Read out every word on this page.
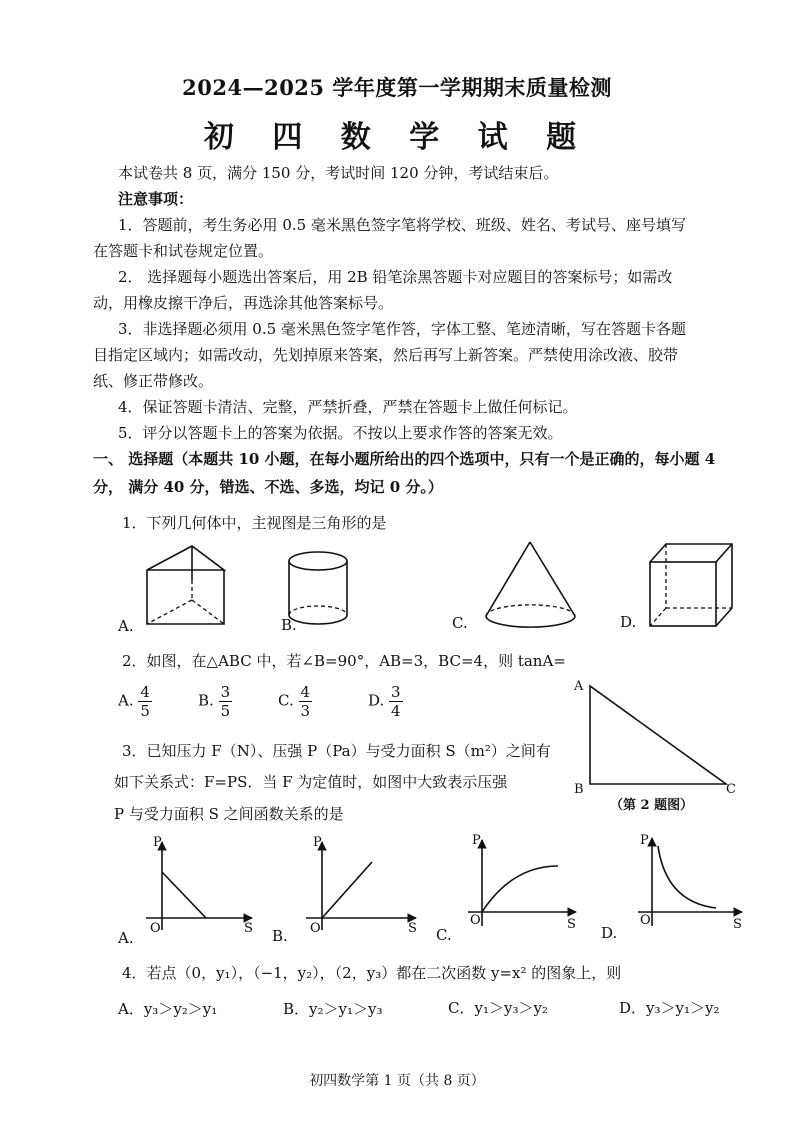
2024—2025 学年度第一学期期末质量检测
初 四 数 学 试 题
本试卷共 8 页，满分 150 分，考试时间 120 分钟，考试结束后。
注意事项：
1．答题前，考生务必用 0.5 毫米黑色签字笔将学校、班级、姓名、考试号、座号填写
在答题卡和试卷规定位置。
2． 选择题每小题选出答案后，用 2B 铅笔涂黑答题卡对应题目的答案标号；如需改
动，用橡皮擦干净后，再选涂其他答案标号。
3．非选择题必须用 0.5 毫米黑色签字笔作答，字体工整、笔迹清晰，写在答题卡各题
目指定区域内；如需改动，先划掉原来答案，然后再写上新答案。严禁使用涂改液、胶带
纸、修正带修改。
4．保证答题卡清洁、完整，严禁折叠，严禁在答题卡上做任何标记。
5．评分以答题卡上的答案为依据。不按以上要求作答的答案无效。
一、 选择题（本题共 10 小题，在每小题所给出的四个选项中，只有一个是正确的，每小题 4
分， 满分 40 分，错选、不选、多选，均记 0 分。）
1．下列几何体中，主视图是三角形的是
A.	B.	C.	D.
2．如图，在△ABC 中，若∠B=90°，AB=3，BC=4，则 tanA=
A. $\frac{4}{5}$	B. $\frac{3}{5}$	C. $\frac{4}{3}$	D. $\frac{3}{4}$	A
B	C
（第 2 题图）
3．已知压力 F（N）、压强 P（Pa）与受力面积 S（m²）之间有
如下关系式：F=PS．当 F 为定值时，如图中大致表示压强
P 与受力面积 S 之间函数关系的是
P
S
O
P
S
O
P
S
O
P
S
O
A.	B.	C.	D.
4．若点（0，y₁），（−1，y₂），（2，y₃）都在二次函数 y=x² 的图象上，则
A．y₃＞y₂＞y₁	B．y₂＞y₁＞y₃	C．y₁＞y₃＞y₂	D．y₃＞y₁＞y₂
初四数学第 1 页（共 8 页）
